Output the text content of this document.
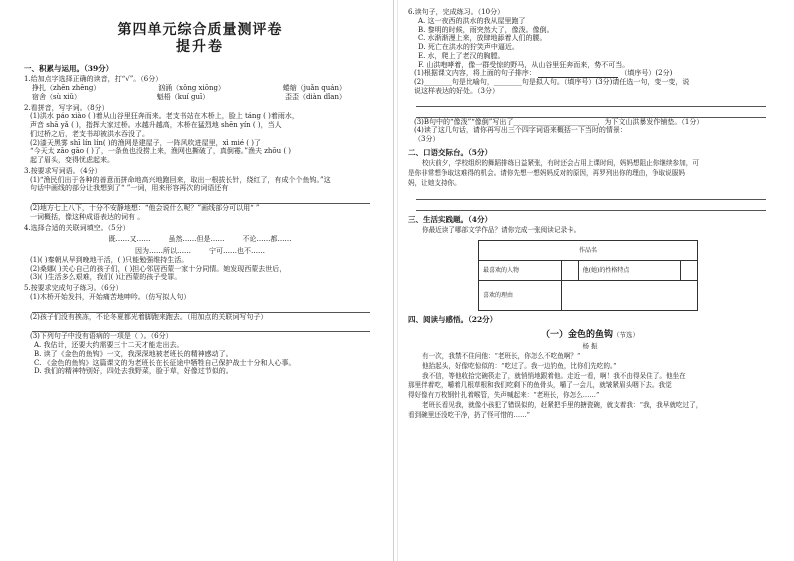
第四单元综合质量测评卷
提升卷
一、积累与运用。（39分）
1.给加点字选择正确的读音，打“√”。（6分）
挣扎（zhēn zhēng）	汹涌（xǒng xiōng）	蜷缩（juǎn quán）
宿舍（sù xiǔ）	魁梧（kuí guī）	歪歪（diàn dǐan）
2.看拼音，写字词。（8分）
(1)洪水 páo xiào ( )着从山谷里狂奔而来。老支书站在木桥上，脸上 táng ( )着雨水，
声音 shā yǎ ( )，指挥大家过桥。水越升越高，木桥在猛烈地 shēn yín ( )，当人
们过桥之后，老支书却被洪水吞没了。
(2)漆天黑雾 shī lín lín( )的渔网是建屋子，一阵风吹进屋里，xì mié ( )了
“今天太 zāo gāo ( )了，一条鱼也没捞上来，渔网也撕破了，真倒霉。”渔夫 zhōu ( )
起了眉头，变得忧虑起来。
3.按要求写词语。（4分）
(1)“渔民们出于各种的善意而拼命地高兴地跑回来，取出一根拔长针，绕红了，有成个个鱼钩。”这
句话中画线的部分让我想到了“ ”一词，用来形容再次的词语还有
(2)地方七上八下，十分不安静地想：“他会说什么呢？”画线部分可以用“ ”
一词概括，像这种成语表达的词有 。
4.选择合适的关联词填空。（5分）
既……又……	虽然……但是……	不论……都……
因为……所以……	宁可……也不……
(1)( )秦朝从早到晚地干活，( )只能勉强维持生活。
(2)桑娜( )关心自己的孩子们，( )担心邻居西蒙一家十分同情。她发现西蒙去世后，
(3)( )生活多么艰难，我们( )让西蒙的孩子受罪。
5.按要求完成句子练习。（6分）
(1)木桥开始发抖，开始痛苦地呻吟。（仿写拟人句）
(2)孩子们没有挨冻，不论冬夏都光着脚跑来跑去。（用加点的关联词写句子）
(3)下列句子中没有语病的一项是（ ）。（6分）
A. 我估计，还要大约需要三十二天才能走出去。
B. 读了《金色的鱼钩》一文，我深深地被老班长的精神感动了。
C. 《金色的鱼钩》这篇课文的为老班长在长征途中牺牲自己保护战士十分和人心事。
D. 我们的精神特别好，四处去我野菜，脸于草，好像过节似的。
6.读句子，完成练习。（10分）
A. 这一夜西的洪水的我从屋里跑了
B. 黎明的时候，雨突然大了，像泼。像倒。
C. 水渐渐漫上来，放肆地舔着人们的腰。
D. 死亡在洪水的狞笑声中逼近。
E. 水，爬上了老汉的胸膛。
F. 山洪咆哮着，像一群受惊的野马，从山谷里狂奔而来，势不可当。
(1)根据课文内容，将上面的句子排序：	（填序号）(2分)
(2)________句是比喻句，________句是拟人句。（填序号）(3分)请任选一句，变一变，说
说这样表达的好处。（3分）
(3)B句中的“像泼”“像倒”写出了________________________，为下文山洪暴发作铺垫。（1分）
(4)读了这几句话，请你再写出三个四字词语来概括一下当时的情景：
（3分）
二、口语交际台。（5分）
校庆前夕，学校组织的舞蹈排练日益紧张，有时还会占用上课时间，妈妈想阻止你继续参加，可
是你非常想争取这难得的机会。请你先想一想妈妈反对的原因，再罗列出你的理由，争取说服妈
妈，让她支持你。
三、生活实践题。（4分）
你最近读了哪部文学作品？请你完成一张阅读记录卡。
作品名			
最喜欢的人物		他(她)的性格特点	
喜欢的理由			
四、阅读与感悟。（22分）
（一）金色的鱼钩（节选）
杨 振
有一次，我禁不住问他：“老班长，你怎么不吃鱼啊？”
他抬起头，好像吃惊似的：“吃过了。我一边钓鱼，比你们先吃的。”
我不信，等他收拾完碗筷走了，就悄悄地跟着他。走近一看，啊！我不由得呆住了。他坐在
那里伴着吃，嚼着几根草根和我们吃剩下的鱼骨头，嚼了一会儿，就皱紧眉头咽下去。我觉
得好像有万枚钢针扎着喉管，失声喊起来：“老班长，你怎么……”
老班长看见我，就像小孩犯了错误似的，赶紧把手里的搪瓷碗，就支着我：“我，我早就吃过了，
看到碗里还没吃干净，扔了怪可惜的……”
